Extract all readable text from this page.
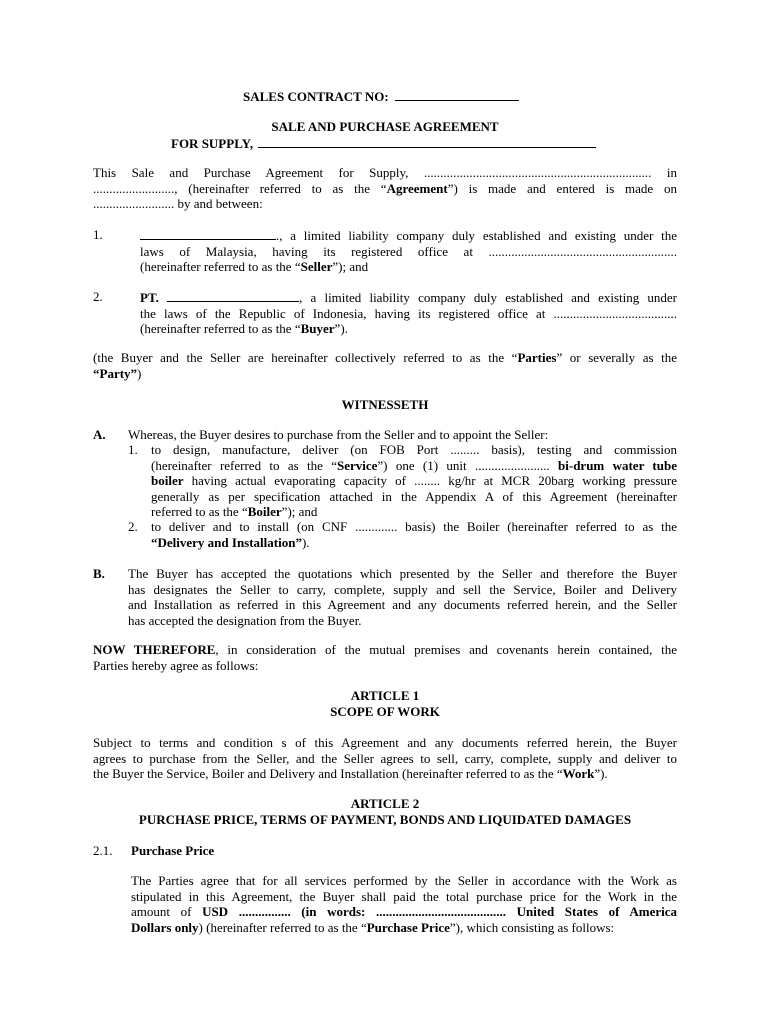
SALES CONTRACT NO:
SALE AND PURCHASE AGREEMENT
FOR SUPPLY,
This Sale and Purchase Agreement for Supply, ...................................................................... in
........................., (hereinafter referred to as the “Agreement”) is made and entered is made on
......................... by and between:
1.	., a limited liability company duly established and existing under the
laws of Malaysia, having its registered office at ..........................................................
(hereinafter referred to as the “Seller”); and
2.	PT.	, a limited liability company duly established and existing under
the laws of the Republic of Indonesia, having its registered office at ......................................
(hereinafter referred to as the “Buyer”).
(the Buyer and the Seller are hereinafter collectively referred to as the “Parties” or severally as the
“Party”)
WITNESSETH
A. Whereas, the Buyer desires to purchase from the Seller and to appoint the Seller:
1. to design, manufacture, deliver (on FOB Port ......... basis), testing and commission
(hereinafter referred to as the “Service”) one (1) unit ....................... bi-drum water tube
boiler having actual evaporating capacity of ........ kg/hr at MCR 20barg working pressure
generally as per specification attached in the Appendix A of this Agreement (hereinafter
referred to as the “Boiler”); and
2. to deliver and to install (on CNF ............. basis) the Boiler (hereinafter referred to as the
“Delivery and Installation”).
B. The Buyer has accepted the quotations which presented by the Seller and therefore the Buyer
has designates the Seller to carry, complete, supply and sell the Service, Boiler and Delivery
and Installation as referred in this Agreement and any documents referred herein, and the Seller
has accepted the designation from the Buyer.
NOW THEREFORE, in consideration of the mutual premises and covenants herein contained, the
Parties hereby agree as follows:
ARTICLE 1
SCOPE OF WORK
Subject to terms and condition s of this Agreement and any documents referred herein, the Buyer
agrees to purchase from the Seller, and the Seller agrees to sell, carry, complete, supply and deliver to
the Buyer the Service, Boiler and Delivery and Installation (hereinafter referred to as the “Work”).
ARTICLE 2
PURCHASE PRICE, TERMS OF PAYMENT, BONDS AND LIQUIDATED DAMAGES
2.1. Purchase Price
The Parties agree that for all services performed by the Seller in accordance with the Work as
stipulated in this Agreement, the Buyer shall paid the total purchase price for the Work in the
amount of USD ................ (in words: ........................................ United States of America
Dollars only) (hereinafter referred to as the “Purchase Price”), which consisting as follows:
